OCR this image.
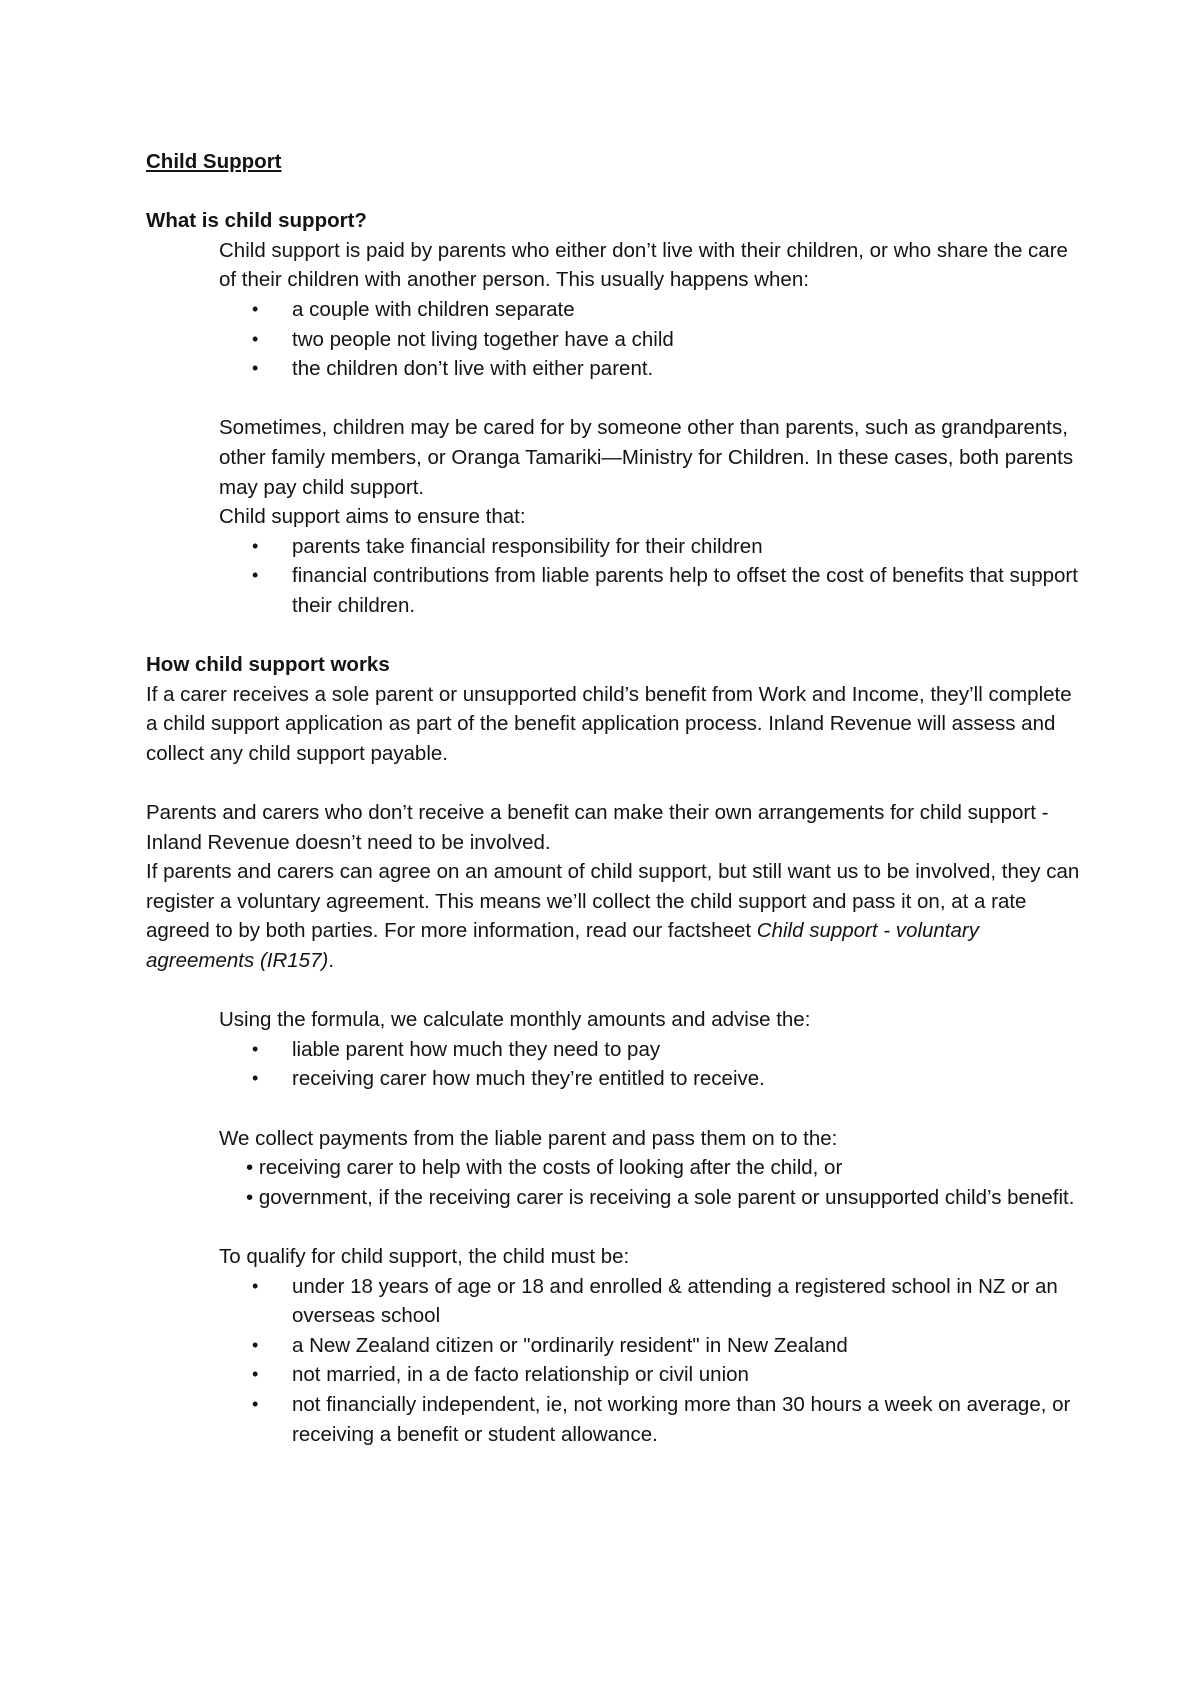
Child Support

What is child support?

Child support is paid by parents who either don’t live with their children, or who share the care of their children with another person. This usually happens when:

• a couple with children separate
• two people not living together have a child
• the children don’t live with either parent.

Sometimes, children may be cared for by someone other than parents, such as grandparents, other family members, or Oranga Tamariki—Ministry for Children. In these cases, both parents may pay child support.

Child support aims to ensure that:

• parents take financial responsibility for their children
• financial contributions from liable parents help to offset the cost of benefits that support their children.

How child support works

If a carer receives a sole parent or unsupported child’s benefit from Work and Income, they’ll complete a child support application as part of the benefit application process. Inland Revenue will assess and collect any child support payable.

Parents and carers who don’t receive a benefit can make their own arrangements for child support - Inland Revenue doesn’t need to be involved.

If parents and carers can agree on an amount of child support, but still want us to be involved, they can register a voluntary agreement. This means we’ll collect the child support and pass it on, at a rate agreed to by both parties. For more information, read our factsheet Child support - voluntary agreements (IR157).

Using the formula, we calculate monthly amounts and advise the:

• liable parent how much they need to pay
• receiving carer how much they’re entitled to receive.

We collect payments from the liable parent and pass them on to the:

• receiving carer to help with the costs of looking after the child, or
• government, if the receiving carer is receiving a sole parent or unsupported child’s benefit.

To qualify for child support, the child must be:

• under 18 years of age or 18 and enrolled & attending a registered school in NZ or an overseas school
• a New Zealand citizen or "ordinarily resident" in New Zealand
• not married, in a de facto relationship or civil union
• not financially independent, ie, not working more than 30 hours a week on average, or receiving a benefit or student allowance.
